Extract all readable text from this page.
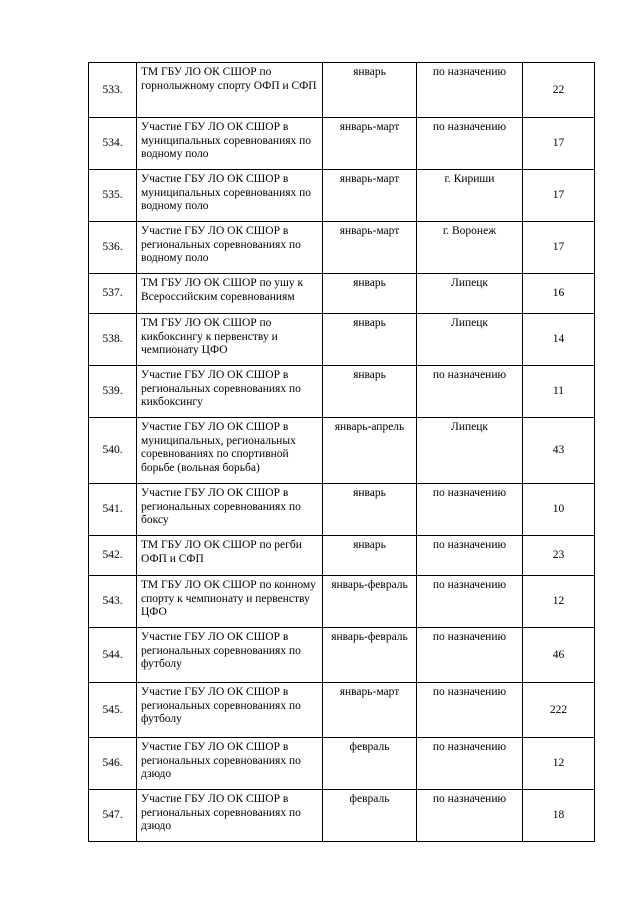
533.	ТМ ГБУ ЛО ОК СШОР по горнолыжному спорту ОФП и СФП	январь	по назначению	22
534.	Участие ГБУ ЛО ОК СШОР в муниципальных соревнованиях по водному поло	январь-март	по назначению	17
535.	Участие ГБУ ЛО ОК СШОР в муниципальных соревнованиях по водному поло	январь-март	г. Кириши	17
536.	Участие ГБУ ЛО ОК СШОР в региональных соревнованиях по водному поло	январь-март	г. Воронеж	17
537.	ТМ ГБУ ЛО ОК СШОР по ушу к Всероссийским соревнованиям	январь	Липецк	16
538.	ТМ ГБУ ЛО ОК СШОР по кикбоксингу к первенству и чемпионату ЦФО	январь	Липецк	14
539.	Участие ГБУ ЛО ОК СШОР в региональных соревнованиях по кикбоксингу	январь	по назначению	11
540.	Участие ГБУ ЛО ОК СШОР в муниципальных, региональных соревнованиях по спортивной борьбе (вольная борьба)	январь-апрель	Липецк	43
541.	Участие ГБУ ЛО ОК СШОР в региональных соревнованиях по боксу	январь	по назначению	10
542.	ТМ ГБУ ЛО ОК СШОР по регби ОФП и СФП	январь	по назначению	23
543.	ТМ ГБУ ЛО ОК СШОР по конному спорту к чемпионату и первенству ЦФО	январь-февраль	по назначению	12
544.	Участие ГБУ ЛО ОК СШОР в региональных соревнованиях по футболу	январь-февраль	по назначению	46
545.	Участие ГБУ ЛО ОК СШОР в региональных соревнованиях по футболу	январь-март	по назначению	222
546.	Участие ГБУ ЛО ОК СШОР в региональных соревнованиях по дзюдо	февраль	по назначению	12
547.	Участие ГБУ ЛО ОК СШОР в региональных соревнованиях по дзюдо	февраль	по назначению	18
